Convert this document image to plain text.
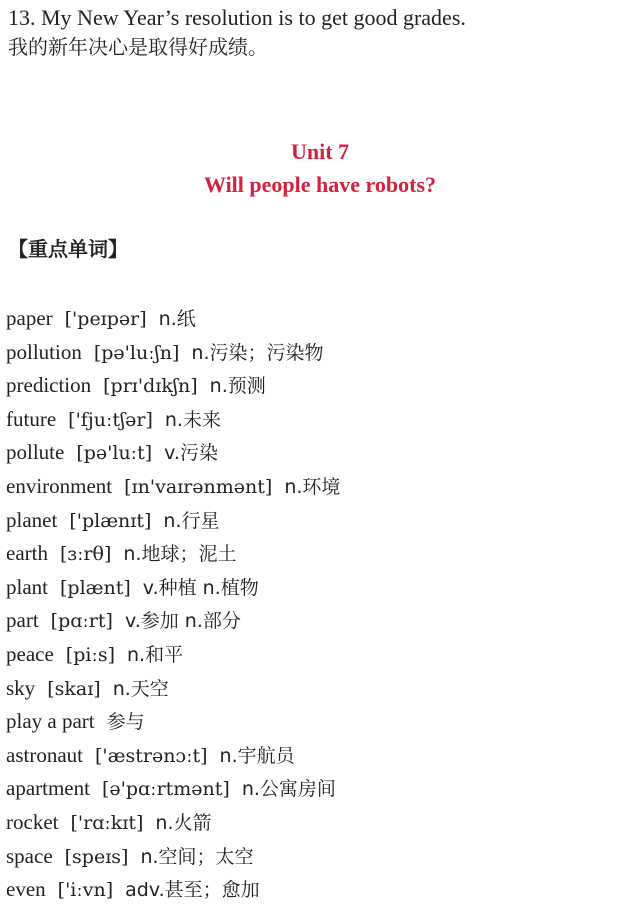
13. My New Year’s resolution is to get good grades.
我的新年决心是取得好成绩。
Unit 7
Will people have robots?
【重点单词】
paper ['peɪpər] n.纸
pollution [pə'luːʃn] n.污染；污染物
prediction [prɪ'dɪkʃn] n.预测
future ['fjuːtʃər] n.未来
pollute [pə'luːt] v.污染
environment [ɪn'vaɪrənmənt] n.环境
planet ['plænɪt] n.行星
earth [ɜːrθ] n.地球；泥土
plant [plænt] v.种植 n.植物
part [pɑːrt] v.参加 n.部分
peace [piːs] n.和平
sky [skaɪ] n.天空
play a part 参与
astronaut ['æstrənɔːt] n.宇航员
apartment [ə'pɑːrtmənt] n.公寓房间
rocket ['rɑːkɪt] n.火箭
space [speɪs] n.空间；太空
even ['iːvn] adv.甚至；愈加
